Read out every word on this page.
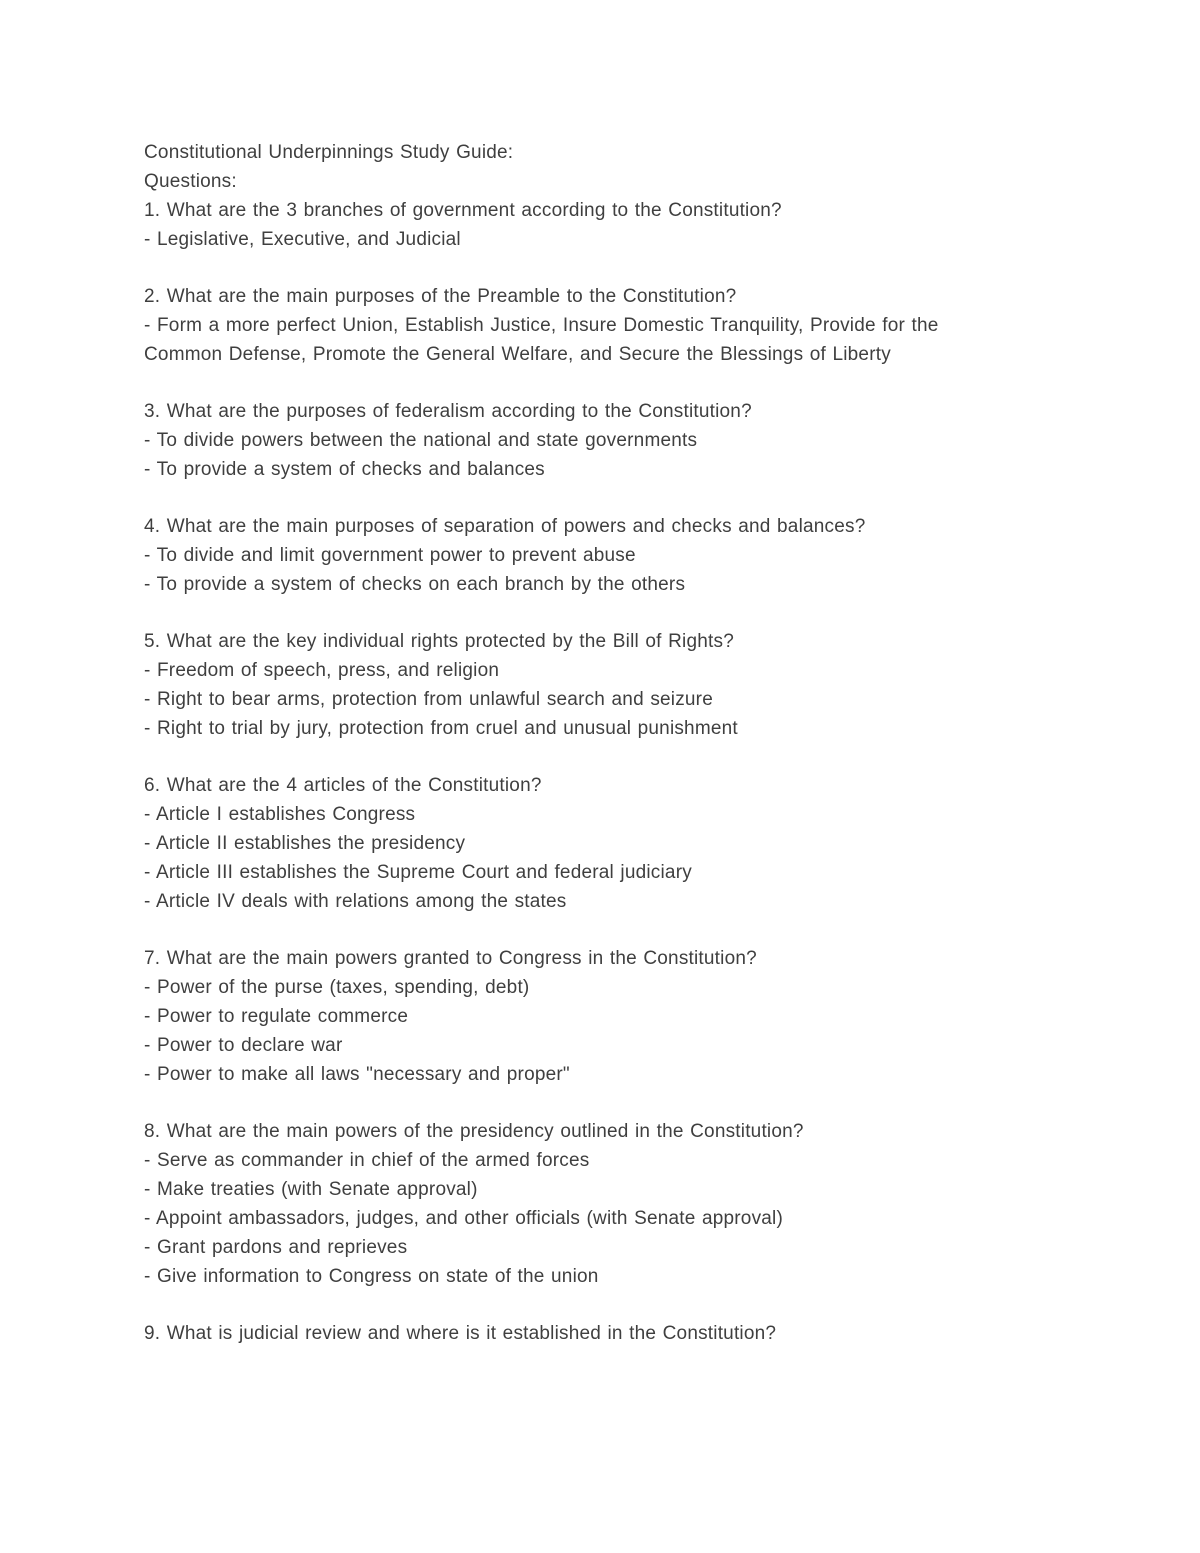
Constitutional Underpinnings Study Guide:

Questions:

1. What are the 3 branches of government according to the Constitution?

- Legislative, Executive, and Judicial

2. What are the main purposes of the Preamble to the Constitution?

- Form a more perfect Union, Establish Justice, Insure Domestic Tranquility, Provide for the Common Defense, Promote the General Welfare, and Secure the Blessings of Liberty

3. What are the purposes of federalism according to the Constitution?

- To divide powers between the national and state governments

- To provide a system of checks and balances

4. What are the main purposes of separation of powers and checks and balances?

- To divide and limit government power to prevent abuse

- To provide a system of checks on each branch by the others

5. What are the key individual rights protected by the Bill of Rights?

- Freedom of speech, press, and religion

- Right to bear arms, protection from unlawful search and seizure

- Right to trial by jury, protection from cruel and unusual punishment

6. What are the 4 articles of the Constitution?

- Article I establishes Congress

- Article II establishes the presidency

- Article III establishes the Supreme Court and federal judiciary

- Article IV deals with relations among the states

7. What are the main powers granted to Congress in the Constitution?

- Power of the purse (taxes, spending, debt)

- Power to regulate commerce

- Power to declare war

- Power to make all laws "necessary and proper"

8. What are the main powers of the presidency outlined in the Constitution?

- Serve as commander in chief of the armed forces

- Make treaties (with Senate approval)

- Appoint ambassadors, judges, and other officials (with Senate approval)

- Grant pardons and reprieves

- Give information to Congress on state of the union

9. What is judicial review and where is it established in the Constitution?
